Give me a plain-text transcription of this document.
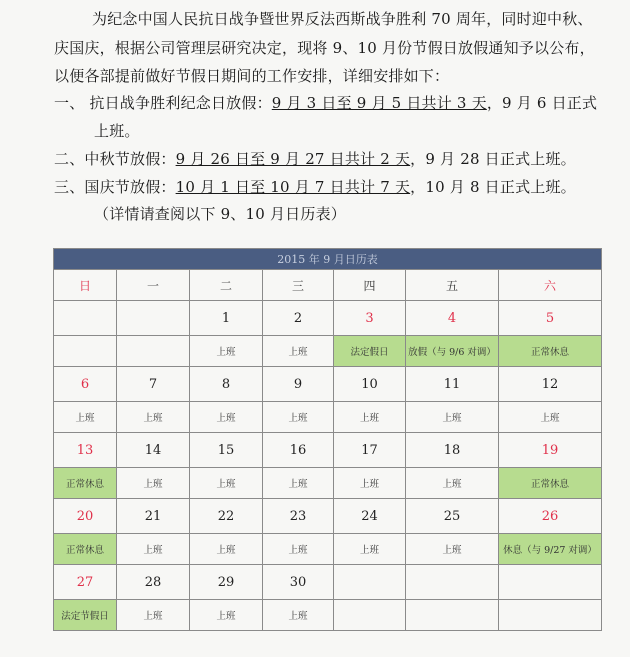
为纪念中国人民抗日战争暨世界反法西斯战争胜利 70 周年，同时迎中秋、
庆国庆，根据公司管理层研究决定，现将 9、10 月份节假日放假通知予以公布，
以便各部提前做好节假日期间的工作安排，详细安排如下：
一、 抗日战争胜利纪念日放假：9 月 3 日至 9 月 5 日共计 3 天，9 月 6 日正式
上班。
二、中秋节放假：9 月 26 日至 9 月 27 日共计 2 天，9 月 28 日正式上班。
三、国庆节放假：10 月 1 日至 10 月 7 日共计 7 天，10 月 8 日正式上班。
（详情请查阅以下 9、10 月日历表）
2015 年 9 月日历表						
日	一	二	三	四	五	六
		1	2	3	4	5
		上班	上班	法定假日	放假（与 9/6 对调）	正常休息
6	7	8	9	10	11	12
上班	上班	上班	上班	上班	上班	上班
13	14	15	16	17	18	19
正常休息	上班	上班	上班	上班	上班	正常休息
20	21	22	23	24	25	26
正常休息	上班	上班	上班	上班	上班	休息（与 9/27 对调）
27	28	29	30			
法定节假日	上班	上班	上班			
